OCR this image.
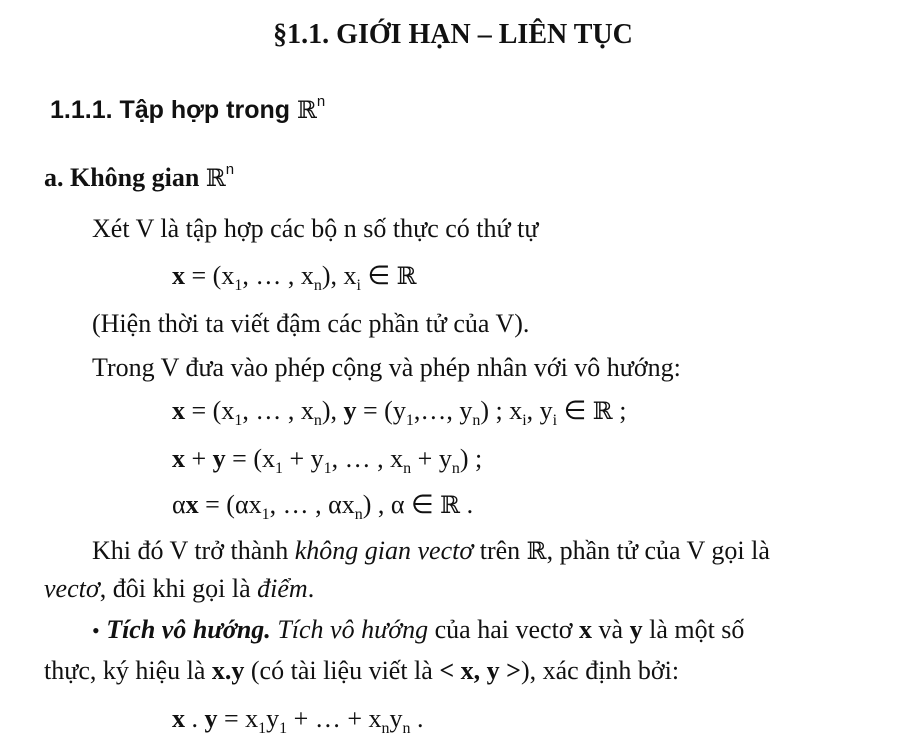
§1.1. GIỚI HẠN – LIÊN TỤC
1.1.1. Tập hợp trong ℝ$^n$
a. Không gian ℝ$^n$
Xét V là tập hợp các bộ n số thực có thứ tự
$x = (x_1$, … , $x_n$), $x_i$ ∈ ℝ
(Hiện thời ta viết đậm các phần tử của V).
Trong V đưa vào phép cộng và phép nhân với vô hướng:
$x = (x_1$, … , $x_n$), $y = (y_1,\dots$, $y_n$) ; $x_i$, $y_i$ ∈ ℝ ;
$x + y = (x_1 + y_1$, … , $x_n + y_n$) ;
$\alpha x = (\alpha x_1$, … , $\alpha x_n$) , α ∈ ℝ .
Khi đó V trở thành không gian vectơ trên ℝ, phần tử của V gọi là
vectơ, đôi khi gọi là điểm.
• Tích vô hướng. Tích vô hướng của hai vectơ x và y là một số
thực, ký hiệu là x.y (có tài liệu viết là < x, y >), xác định bởi:
x . $y = x_1y_1$ + … + $x_ny_n$ .
